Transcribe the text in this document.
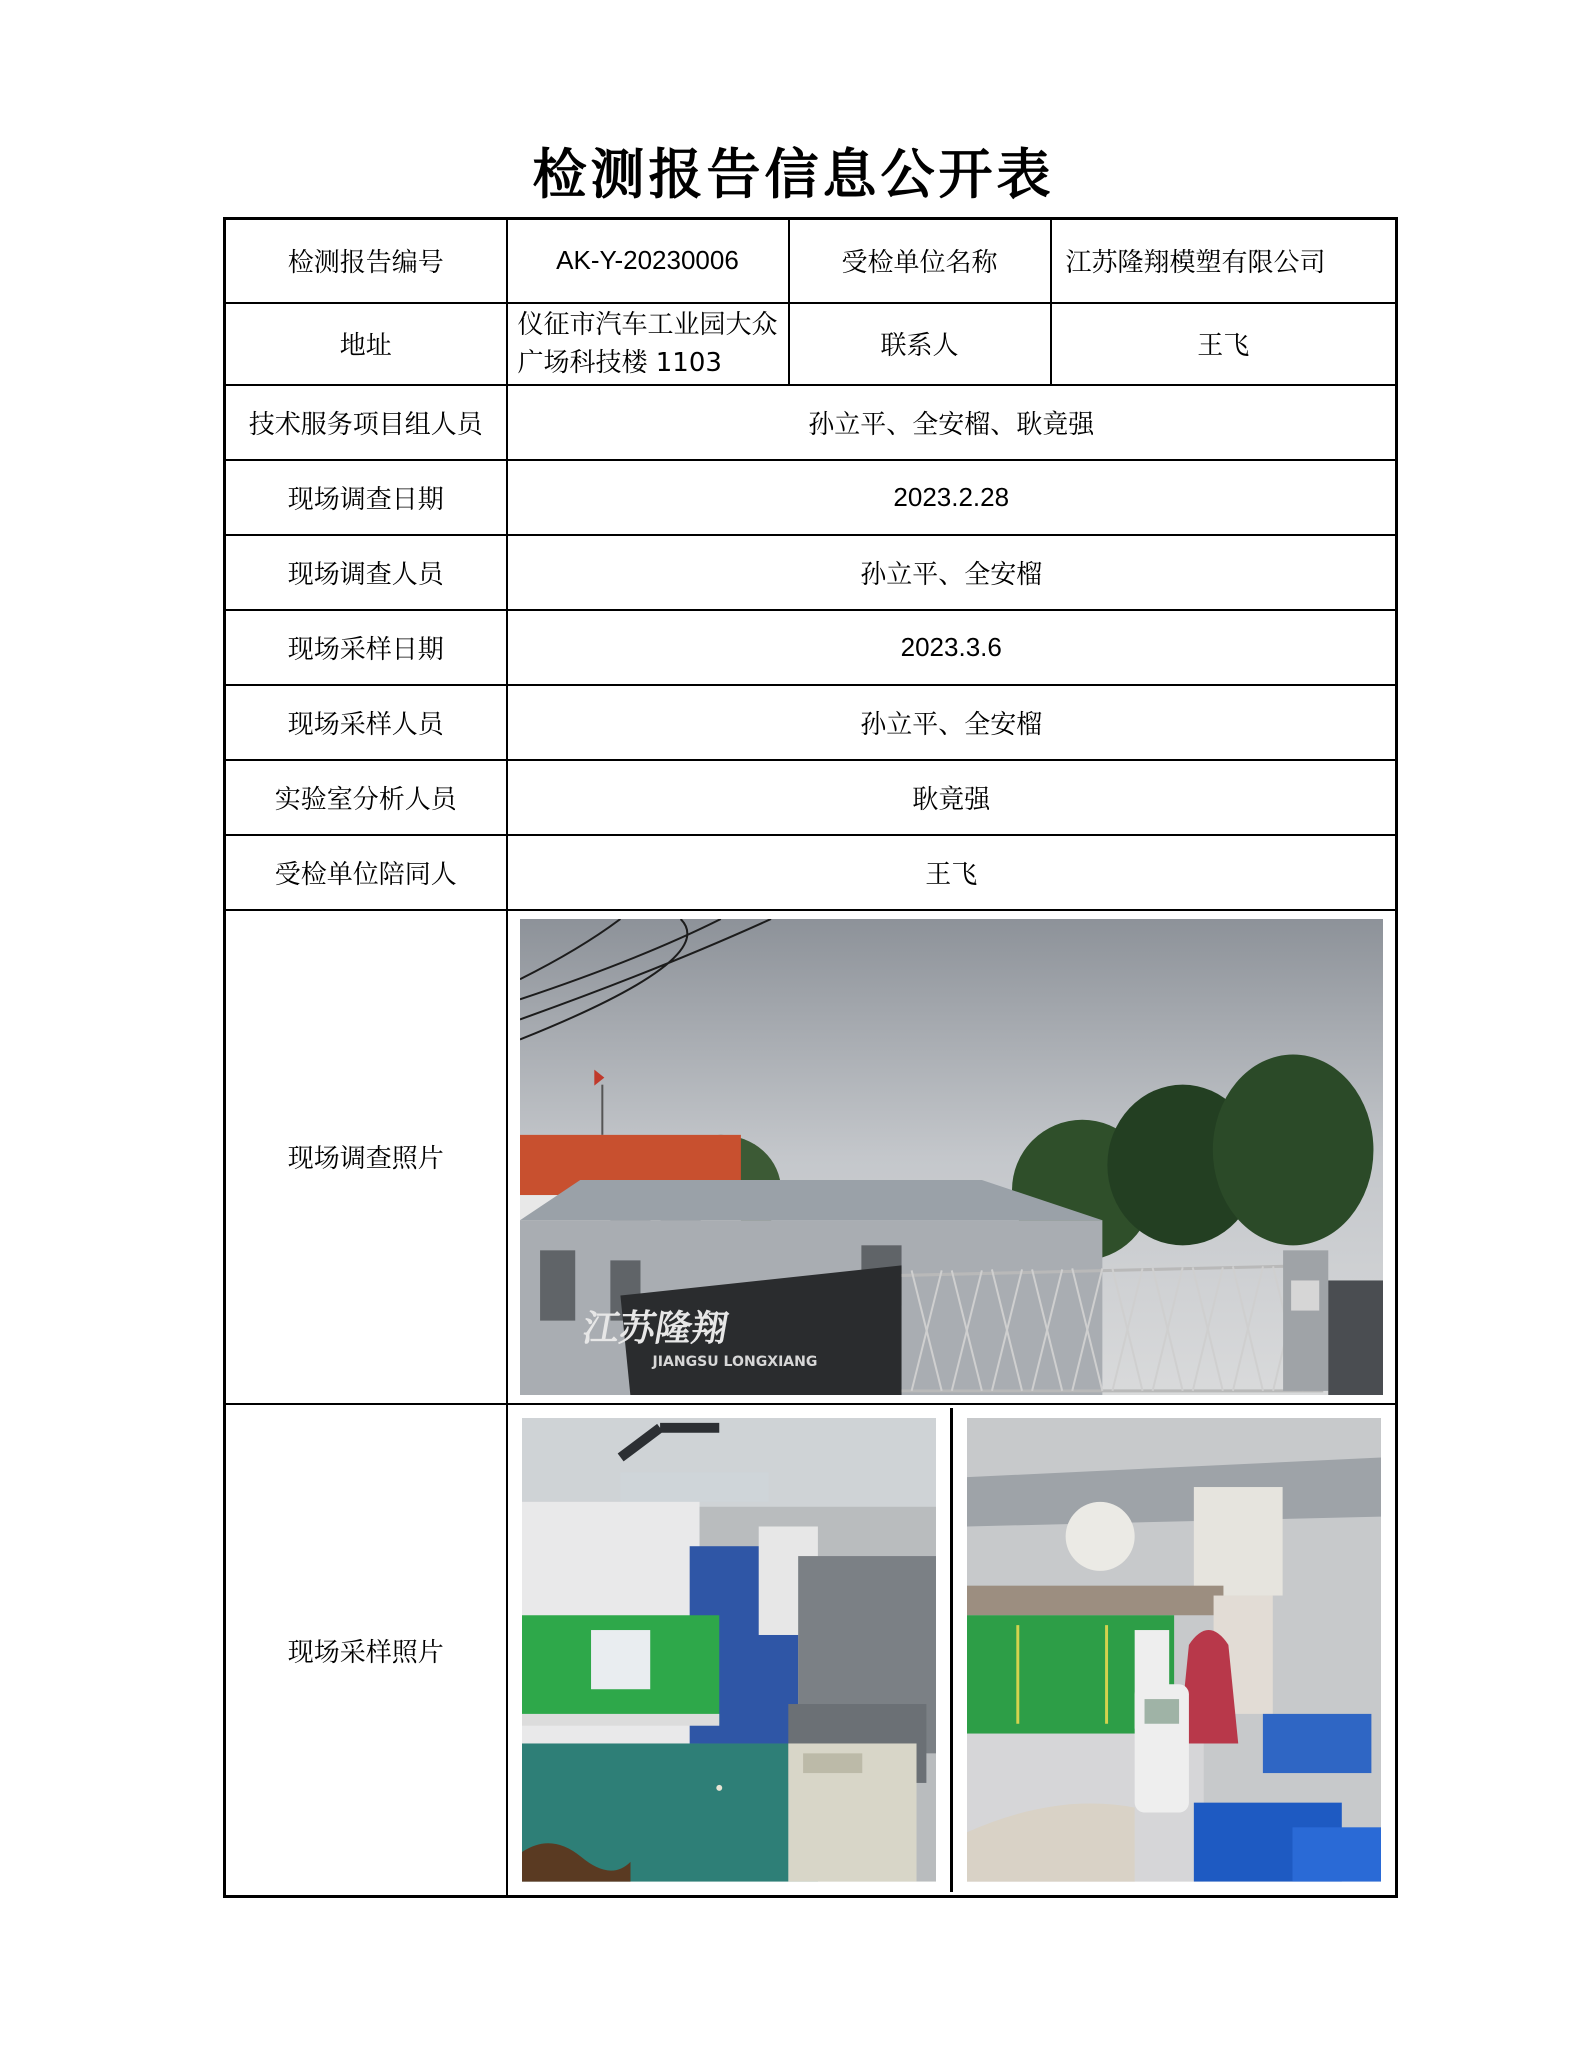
检测报告信息公开表
检测报告编号	AK-Y-20230006	受检单位名称	江苏隆翔模塑有限公司
地址	仪征市汽车工业园大众广场科技楼 1103	联系人	王飞
技术服务项目组人员	孙立平、全安榴、耿竟强		
现场调查日期	2023.2.28		
现场调查人员	孙立平、全安榴		
现场采样日期	2023.3.6		
现场采样人员	孙立平、全安榴		
实验室分析人员	耿竟强		
受检单位陪同人	王飞		
现场调查照片	江苏隆翔
JIANGSU LONGXIANG		

现场采样照片	
